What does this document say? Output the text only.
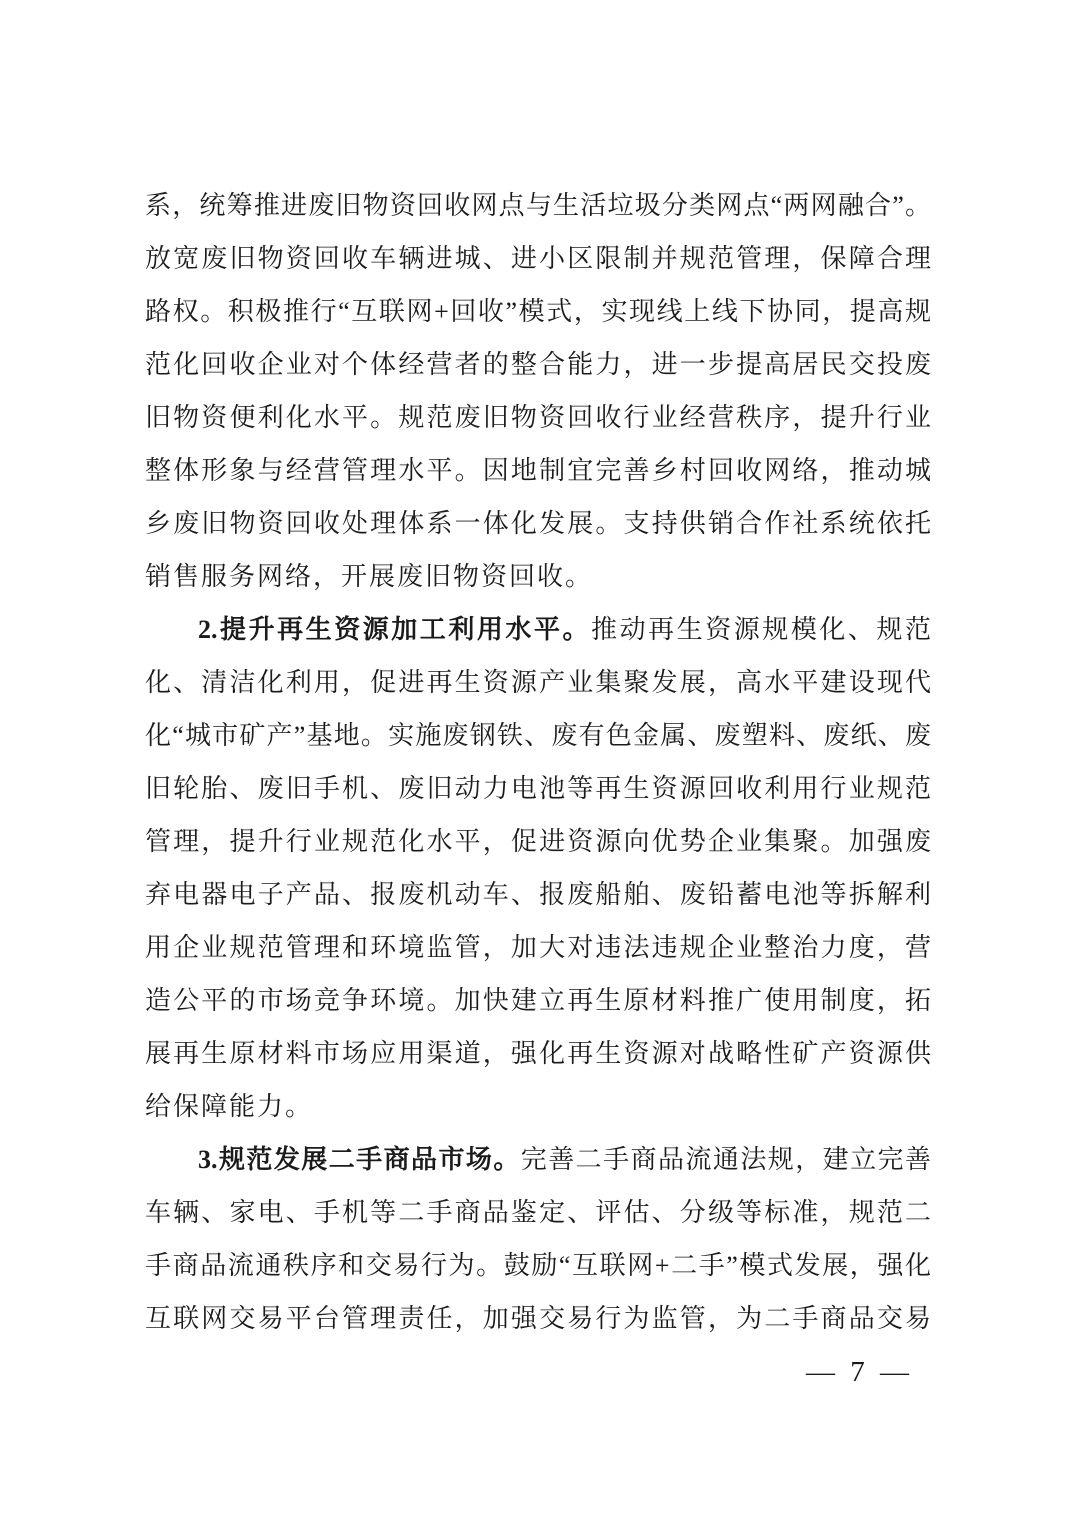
系，统筹推进废旧物资回收网点与生活垃圾分类网点“两网融合”。
放宽废旧物资回收车辆进城、进小区限制并规范管理，保障合理
路权。积极推行“互联网+回收”模式，实现线上线下协同，提高规
范化回收企业对个体经营者的整合能力，进一步提高居民交投废
旧物资便利化水平。规范废旧物资回收行业经营秩序，提升行业
整体形象与经营管理水平。因地制宜完善乡村回收网络，推动城
乡废旧物资回收处理体系一体化发展。支持供销合作社系统依托
销售服务网络，开展废旧物资回收。
2.提升再生资源加工利用水平。推动再生资源规模化、规范
化、清洁化利用，促进再生资源产业集聚发展，高水平建设现代
化“城市矿产”基地。实施废钢铁、废有色金属、废塑料、废纸、废
旧轮胎、废旧手机、废旧动力电池等再生资源回收利用行业规范
管理，提升行业规范化水平，促进资源向优势企业集聚。加强废
弃电器电子产品、报废机动车、报废船舶、废铅蓄电池等拆解利
用企业规范管理和环境监管，加大对违法违规企业整治力度，营
造公平的市场竞争环境。加快建立再生原材料推广使用制度，拓
展再生原材料市场应用渠道，强化再生资源对战略性矿产资源供
给保障能力。
3.规范发展二手商品市场。完善二手商品流通法规，建立完善
车辆、家电、手机等二手商品鉴定、评估、分级等标准，规范二
手商品流通秩序和交易行为。鼓励“互联网+二手”模式发展，强化
互联网交易平台管理责任，加强交易行为监管，为二手商品交易
— 7 —
